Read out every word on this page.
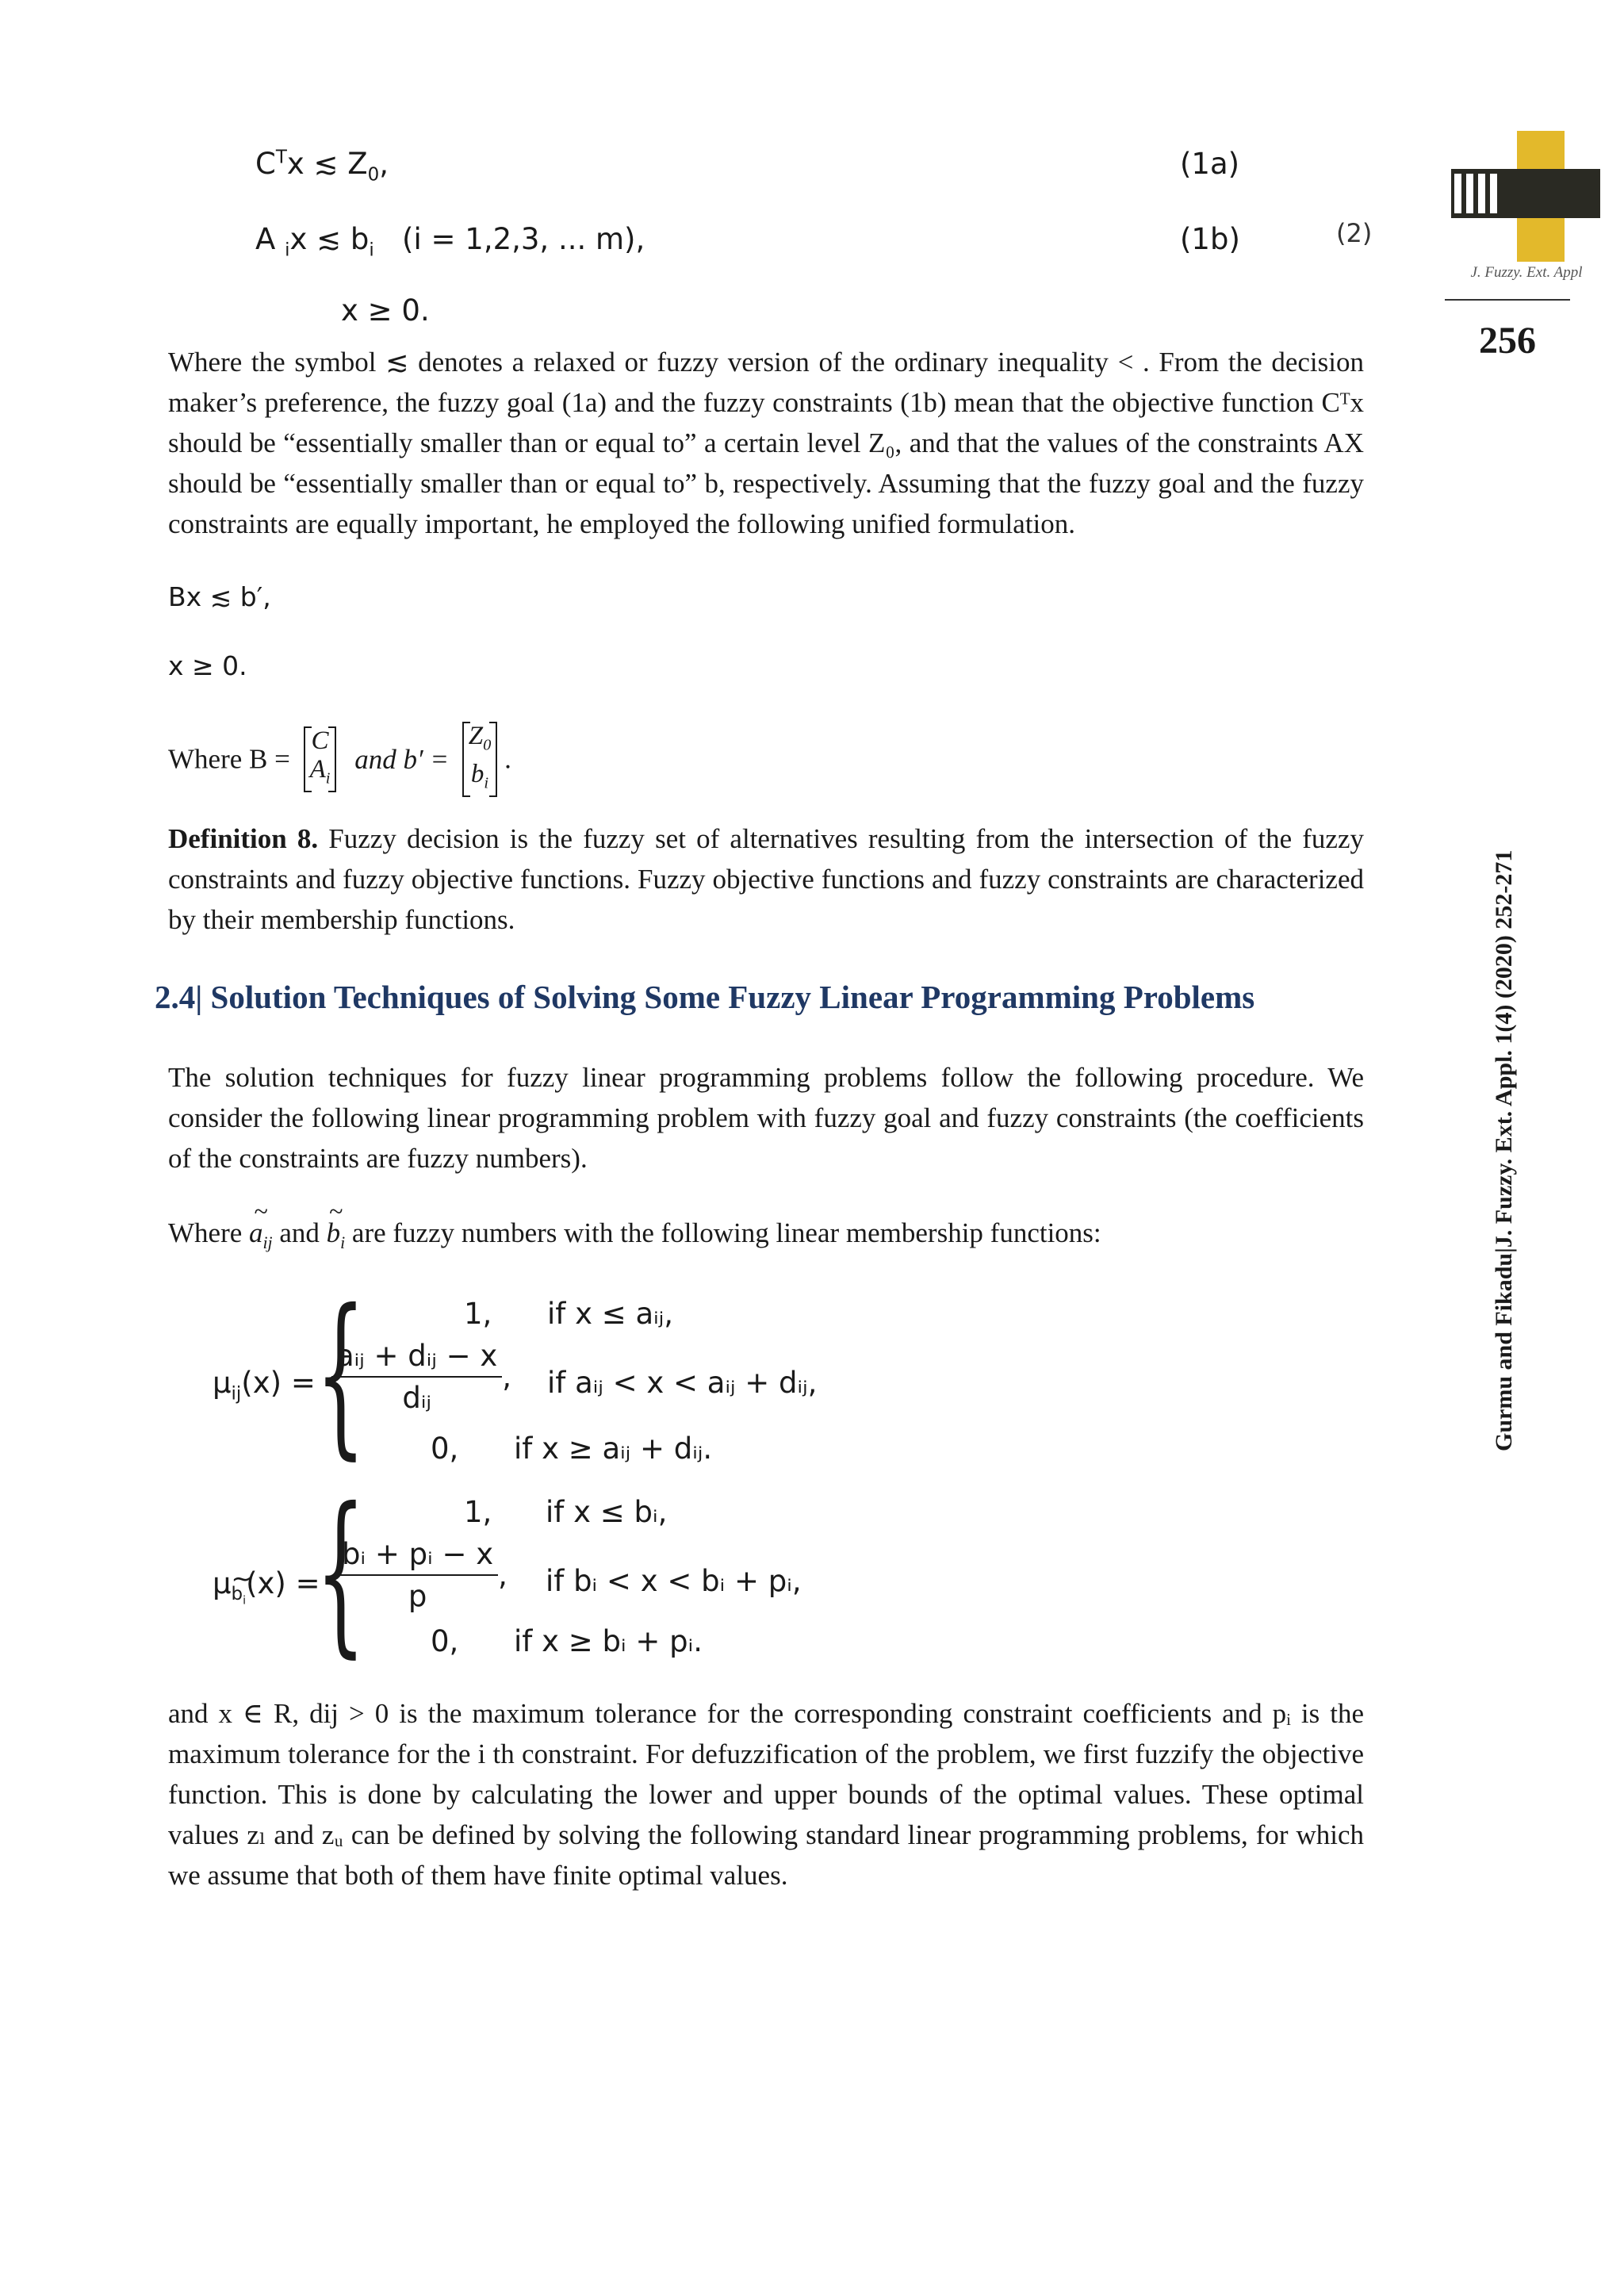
J. Fuzzy. Ext. Appl
256
Gurmu and Fikadu|J. Fuzzy. Ext. Appl. 1(4) (2020) 252-271
$C^Tx$ ≲ $Z_0$,	(1a)
A $_i$x ≲ $b_i$   (i = 1,2,3, ... m),	(1b)	(2)
x ≥ 0.

Where the symbol ≲ denotes a relaxed or fuzzy version of the ordinary inequality < . From the decision maker’s preference, the fuzzy goal (1a) and the fuzzy constraints (1b) mean that the objective function Cᵀx should be “essentially smaller than or equal to” a certain level Z₀, and that the values of the constraints AX should be “essentially smaller than or equal to” b, respectively. Assuming that the fuzzy goal and the fuzzy constraints are equally important, he employed the following unified formulation.

Bx ≲ b′,
x ≥ 0.
Where B = C
$A_i$ and $b' = Z_0$
$b_i$ .

Definition 8. Fuzzy decision is the fuzzy set of alternatives resulting from the intersection of the fuzzy constraints and fuzzy objective functions. Fuzzy objective functions and fuzzy constraints are characterized by their membership functions.

2.4| Solution Techniques of Solving Some Fuzzy Linear Programming Problems

The solution techniques for fuzzy linear programming problems follow the following procedure. We consider the following linear programming problem with fuzzy goal and fuzzy constraints (the coefficients of the constraints are fuzzy numbers).

Where ~ $a_{ij}$ and ~ $b_i$ are fuzzy numbers with the following linear membership functions:
$\mu_{ij}(x)$ = {	1, if x ≤ aᵢⱼ,
$\frac{\text{aᵢⱼ + dᵢⱼ − x}}{\text{dᵢⱼ}}$ , if aᵢⱼ < x < aᵢⱼ + dᵢⱼ,
0, if x ≥ aᵢⱼ + dᵢⱼ.
μ~ $_{b_i}$(x) =
{	1, if x ≤ bᵢ,
$\frac{\text{bᵢ + pᵢ − x}}{p}$ , if bᵢ < x < bᵢ + pᵢ,
0, if x ≥ bᵢ + pᵢ.

and x ∈ R, dij > 0 is the maximum tolerance for the corresponding constraint coefficients and pᵢ is the maximum tolerance for the i th constraint. For defuzzification of the problem, we first fuzzify the objective function. This is done by calculating the lower and upper bounds of the optimal values. These optimal values zₗ and zᵤ can be defined by solving the following standard linear programming problems, for which we assume that both of them have finite optimal values.
